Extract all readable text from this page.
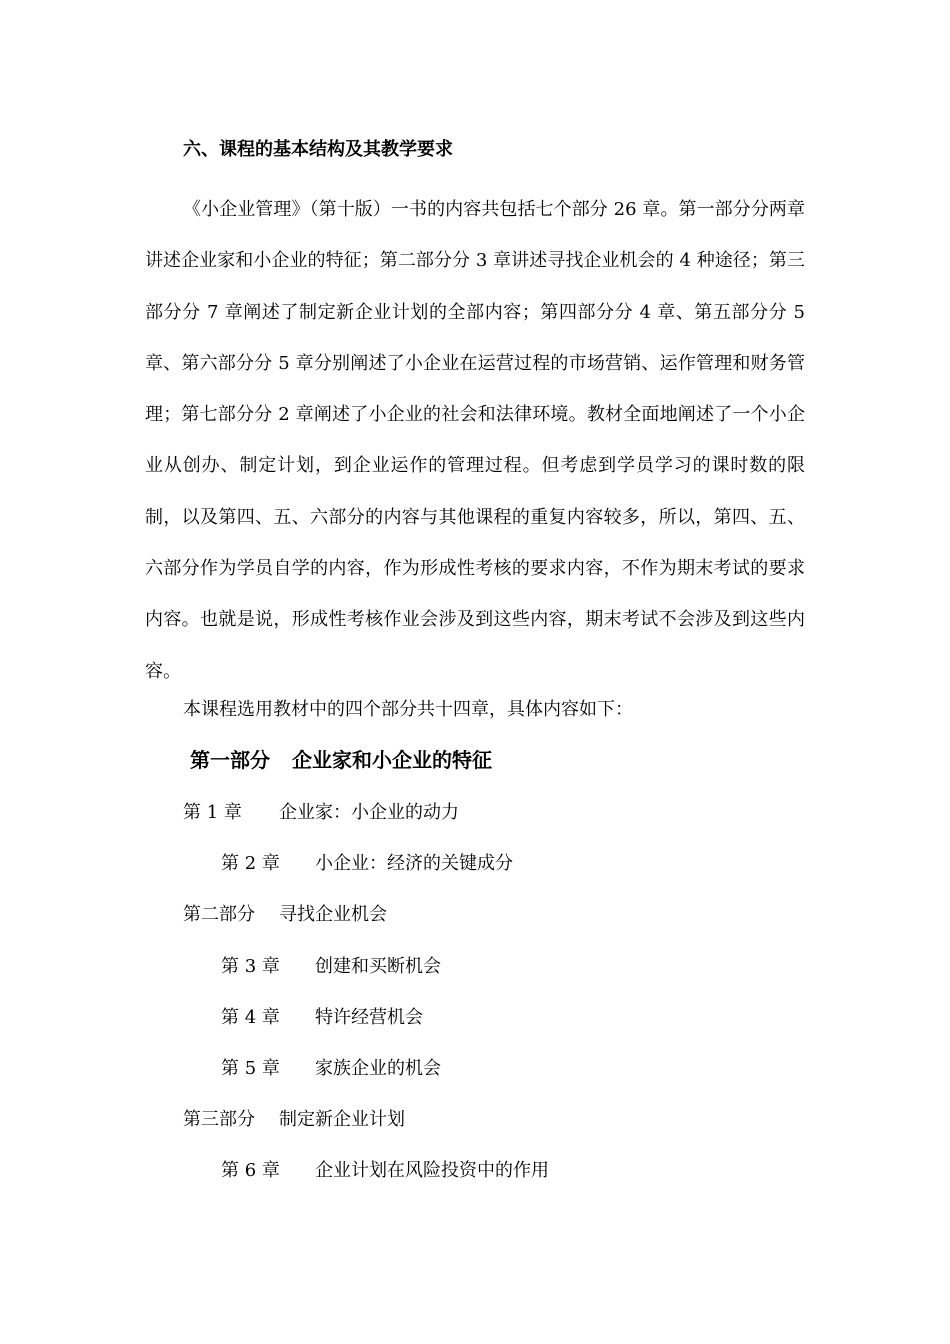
六、课程的基本结构及其教学要求

《小企业管理》（第十版）一书的内容共包括七个部分 26 章。第一部分分两章讲述企业家和小企业的特征；第二部分分 3 章讲述寻找企业机会的 4 种途径；第三部分分 7 章阐述了制定新企业计划的全部内容；第四部分分 4 章、第五部分分 5 章、第六部分分 5 章分别阐述了小企业在运营过程的市场营销、运作管理和财务管理；第七部分分 2 章阐述了小企业的社会和法律环境。教材全面地阐述了一个小企业从创办、制定计划，到企业运作的管理过程。但考虑到学员学习的课时数的限制，以及第四、五、六部分的内容与其他课程的重复内容较多，所以，第四、五、六部分作为学员自学的内容，作为形成性考核的要求内容，不作为期末考试的要求内容。也就是说，形成性考核作业会涉及到这些内容，期末考试不会涉及到这些内容。

本课程选用教材中的四个部分共十四章，具体内容如下：
第一部分 企业家和小企业的特征
第 1 章 企业家：小企业的动力
第 2 章 小企业：经济的关键成分
第二部分 寻找企业机会
第 3 章 创建和买断机会
第 4 章 特许经营机会
第 5 章 家族企业的机会
第三部分 制定新企业计划
第 6 章 企业计划在风险投资中的作用
